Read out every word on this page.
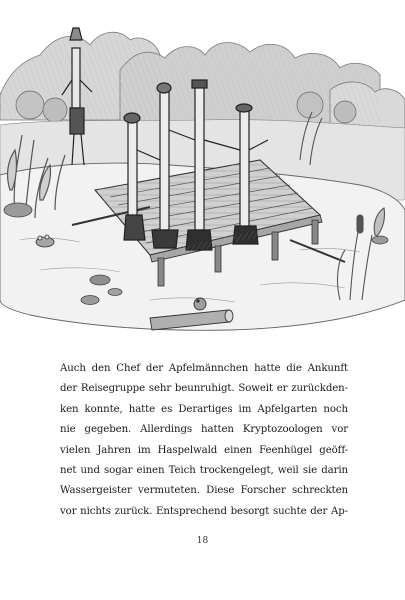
Auch den Chef der Apfelmännchen hatte die Ankunft
der Reisegruppe sehr beunruhigt. Soweit er zurückden-
ken konnte, hatte es Derartiges im Apfelgarten noch
nie gegeben. Allerdings hatten Kryptozoologen vor
vielen Jahren im Haspelwald einen Feenhügel geöff-
net und sogar einen Teich trockengelegt, weil sie darin
Wassergeister vermuteten. Diese Forscher schreckten
vor nichts zurück. Entsprechend besorgt suchte der Ap-
18
